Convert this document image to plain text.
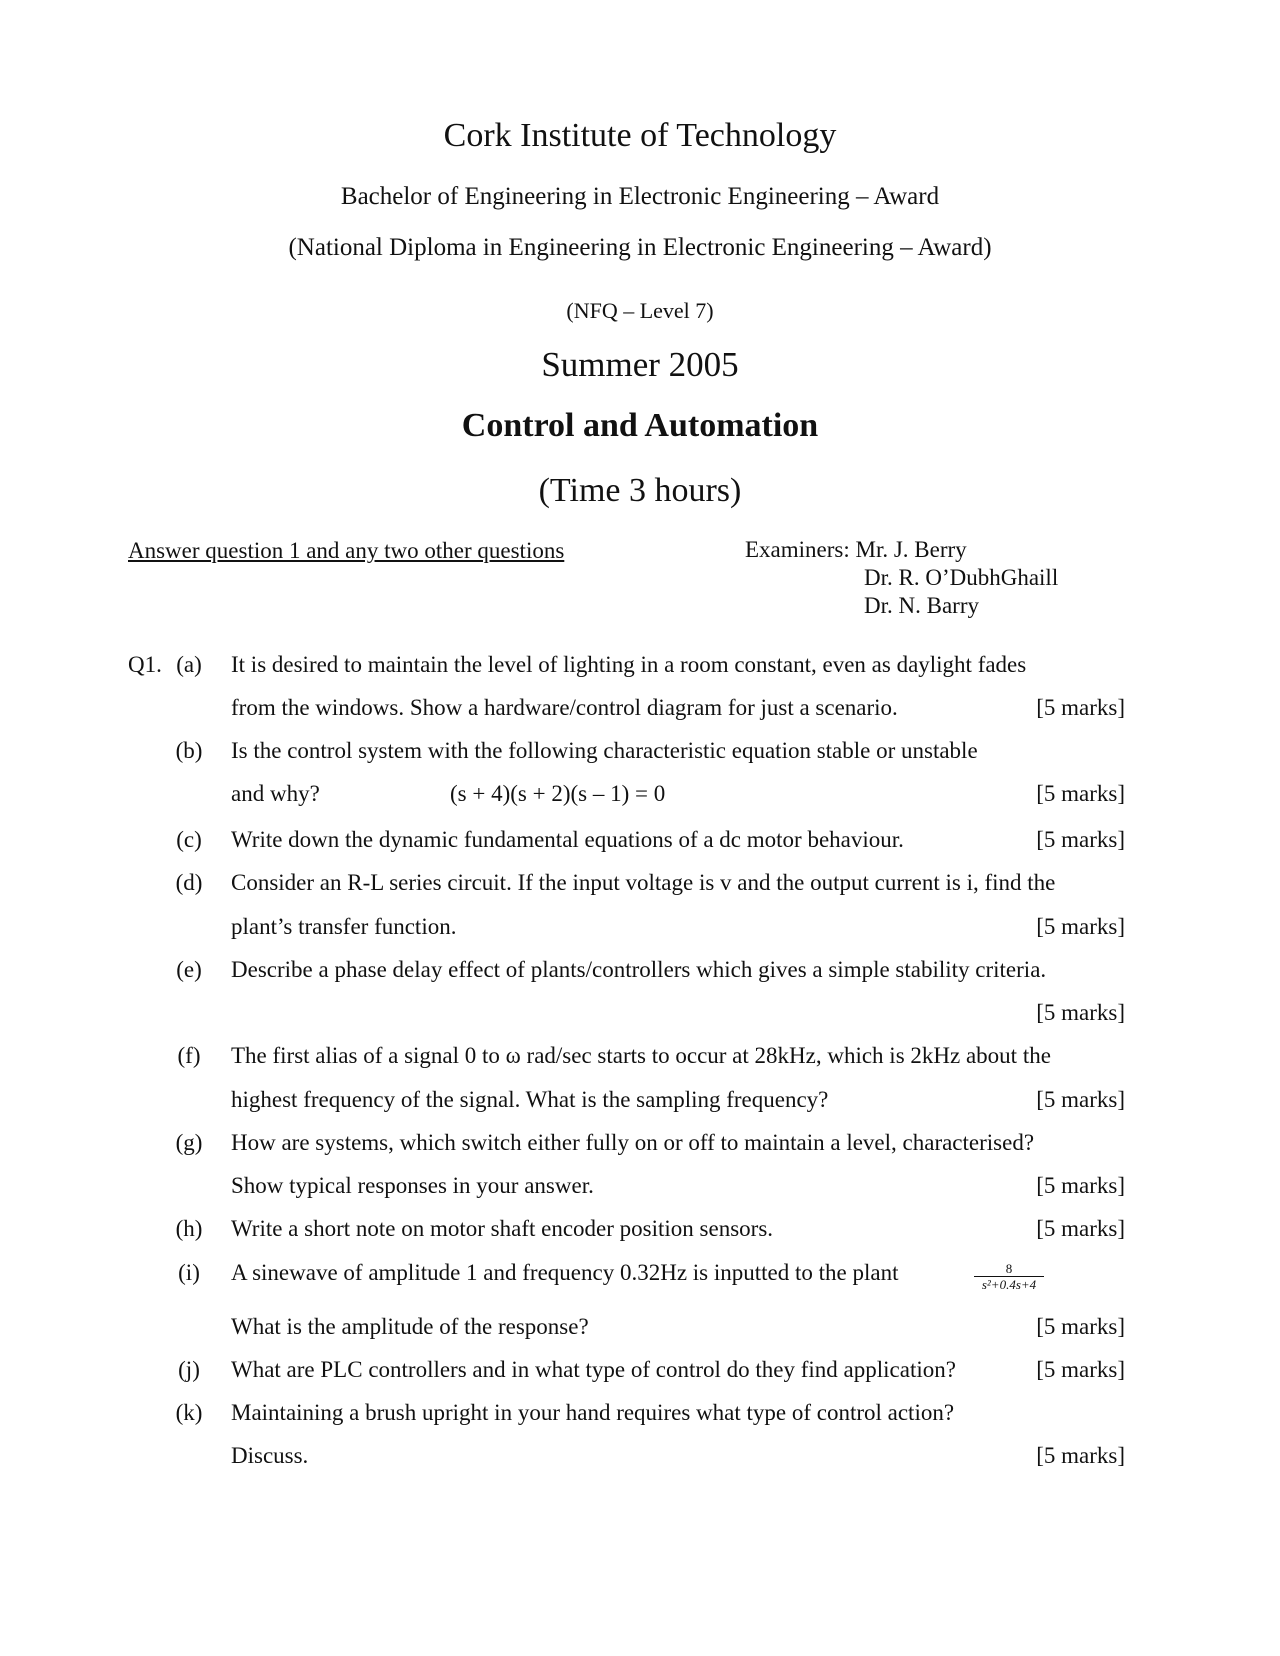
Cork Institute of Technology
Bachelor of Engineering in Electronic Engineering – Award
(National Diploma in Engineering in Electronic Engineering – Award)
(NFQ – Level 7)
Summer 2005
Control and Automation
(Time 3 hours)
Answer question 1 and any two other questions	Examiners: Mr. J. Berry
Dr. R. O’DubhGhaill
Dr. N. Barry
Q1. (a) It is desired to maintain the level of lighting in a room constant, even as daylight fades
from the windows. Show a hardware/control diagram for just a scenario.	[5 marks]
(b) Is the control system with the following characteristic equation stable or unstable
and why?	(s + 4)(s + 2)(s – 1) = 0	[5 marks]
(c) Write down the dynamic fundamental equations of a dc motor behaviour.	[5 marks]
(d) Consider an R-L series circuit. If the input voltage is v and the output current is i, find the
plant’s transfer function.	[5 marks]
(e) Describe a phase delay effect of plants/controllers which gives a simple stability criteria.
[5 marks]
(f) The first alias of a signal 0 to ω rad/sec starts to occur at 28kHz, which is 2kHz about the
highest frequency of the signal. What is the sampling frequency?	[5 marks]
(g) How are systems, which switch either fully on or off to maintain a level, characterised?
Show typical responses in your answer.	[5 marks]
(h) Write a short note on motor shaft encoder position sensors.	[5 marks]
(i) A sinewave of amplitude 1 and frequency 0.32Hz is inputted to the plant	$\frac{8}{\text{s²+0.4s+4}}$
What is the amplitude of the response?	[5 marks]
(j) What are PLC controllers and in what type of control do they find application?	[5 marks]
(k) Maintaining a brush upright in your hand requires what type of control action?
Discuss.	[5 marks]
